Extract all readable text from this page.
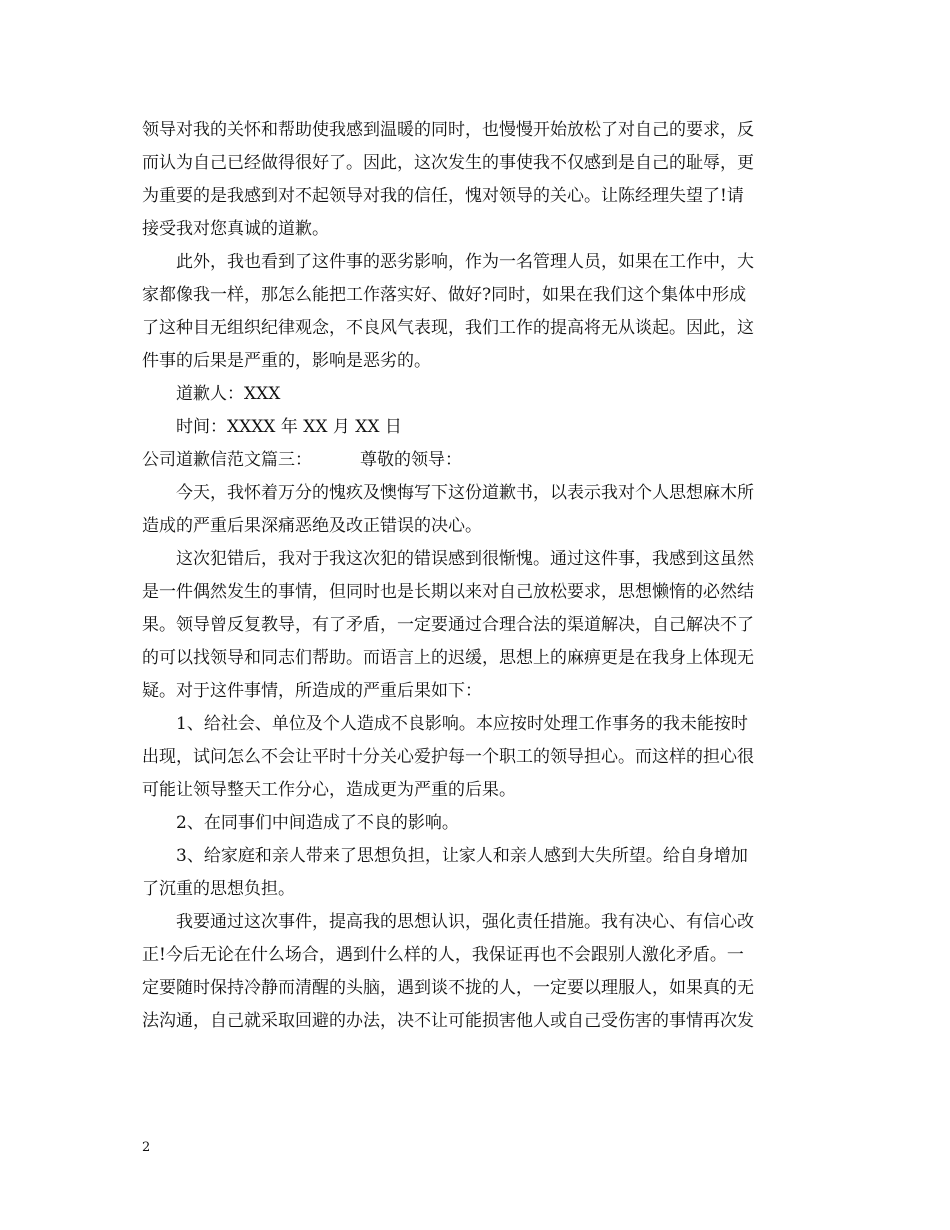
领导对我的关怀和帮助使我感到温暖的同时，也慢慢开始放松了对自己的要求，反
而认为自己已经做得很好了。因此，这次发生的事使我不仅感到是自己的耻辱，更
为重要的是我感到对不起领导对我的信任，愧对领导的关心。让陈经理失望了!请
接受我对您真诚的道歉。
此外，我也看到了这件事的恶劣影响，作为一名管理人员，如果在工作中，大
家都像我一样，那怎么能把工作落实好、做好?同时，如果在我们这个集体中形成
了这种目无组织纪律观念，不良风气表现，我们工作的提高将无从谈起。因此，这
件事的后果是严重的，影响是恶劣的。
道歉人：XXX
时间：XXXX 年 XX 月 XX 日
公司道歉信范文篇三：	尊敬的领导：
今天，我怀着万分的愧疚及懊悔写下这份道歉书，以表示我对个人思想麻木所
造成的严重后果深痛恶绝及改正错误的决心。
这次犯错后，我对于我这次犯的错误感到很惭愧。通过这件事，我感到这虽然
是一件偶然发生的事情，但同时也是长期以来对自己放松要求，思想懒惰的必然结
果。领导曾反复教导，有了矛盾，一定要通过合理合法的渠道解决，自己解决不了
的可以找领导和同志们帮助。而语言上的迟缓，思想上的麻痹更是在我身上体现无
疑。对于这件事情，所造成的严重后果如下：
1、给社会、单位及个人造成不良影响。本应按时处理工作事务的我未能按时
出现，试问怎么不会让平时十分关心爱护每一个职工的领导担心。而这样的担心很
可能让领导整天工作分心，造成更为严重的后果。
2、在同事们中间造成了不良的影响。
3、给家庭和亲人带来了思想负担，让家人和亲人感到大失所望。给自身增加
了沉重的思想负担。
我要通过这次事件，提高我的思想认识，强化责任措施。我有决心、有信心改
正!今后无论在什么场合，遇到什么样的人，我保证再也不会跟别人激化矛盾。一
定要随时保持冷静而清醒的头脑，遇到谈不拢的人，一定要以理服人，如果真的无
法沟通，自己就采取回避的办法，决不让可能损害他人或自己受伤害的事情再次发
2
